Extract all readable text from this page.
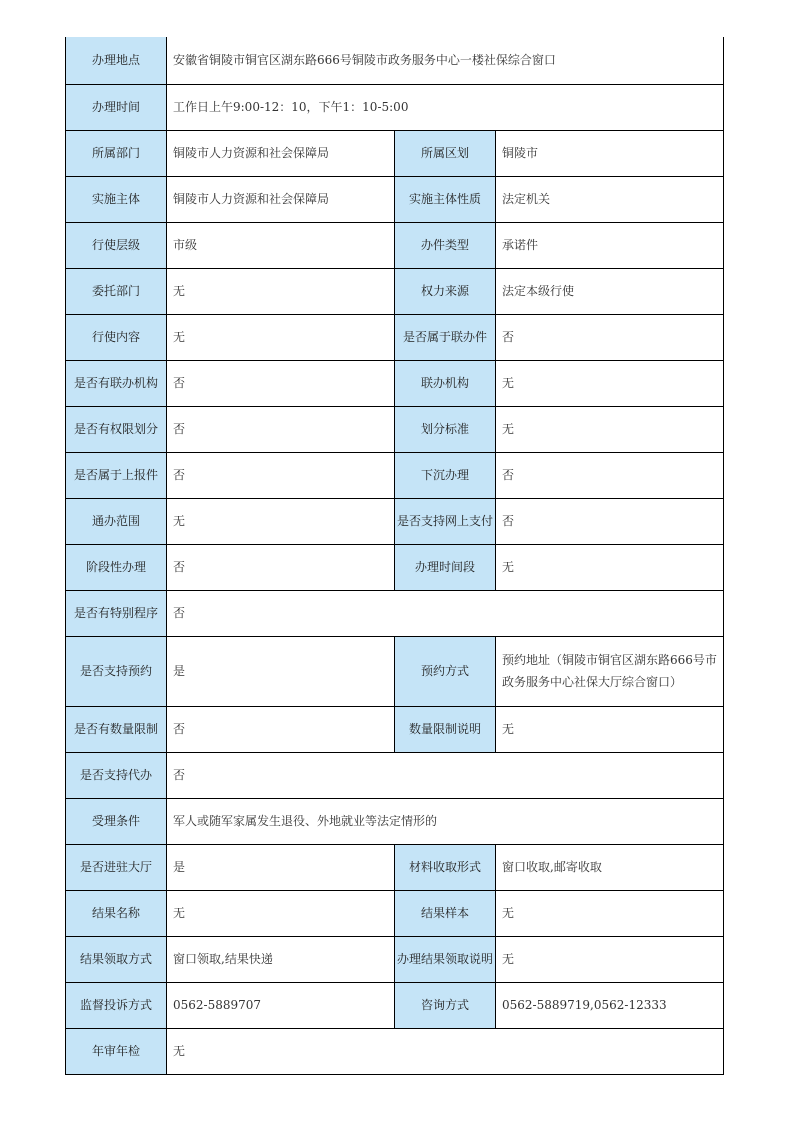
办理地点	安徽省铜陵市铜官区湖东路666号铜陵市政务服务中心一楼社保综合窗口		
办理时间	工作日上午9:00-12：10，下午1：10-5:00		
所属部门	铜陵市人力资源和社会保障局	所属区划	铜陵市
实施主体	铜陵市人力资源和社会保障局	实施主体性质	法定机关
行使层级	市级	办件类型	承诺件
委托部门	无	权力来源	法定本级行使
行使内容	无	是否属于联办件	否
是否有联办机构	否	联办机构	无
是否有权限划分	否	划分标准	无
是否属于上报件	否	下沉办理	否
通办范围	无	是否支持网上支付	否
阶段性办理	否	办理时间段	无
是否有特别程序	否		
是否支持预约	是	预约方式	预约地址（铜陵市铜官区湖东路666号市政务服务中心社保大厅综合窗口）
是否有数量限制	否	数量限制说明	无
是否支持代办	否		
受理条件	军人或随军家属发生退役、外地就业等法定情形的		
是否进驻大厅	是	材料收取形式	窗口收取,邮寄收取
结果名称	无	结果样本	无
结果领取方式	窗口领取,结果快递	办理结果领取说明	无
监督投诉方式	0562-5889707	咨询方式	0562-5889719,0562-12333
年审年检	无		
